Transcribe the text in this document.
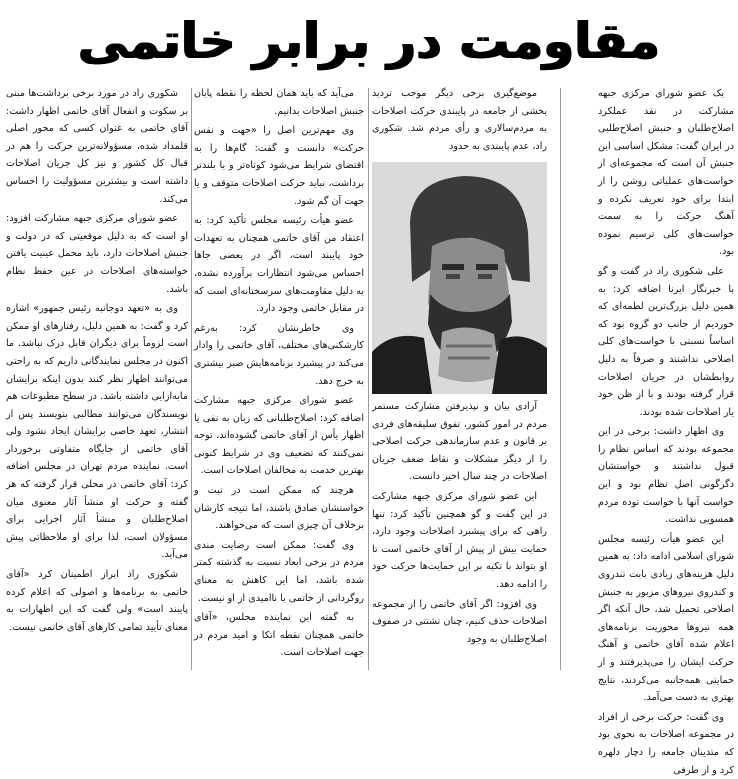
مقاومت در برابر خاتمی

یک عضو شورای مرکزی جبهه مشارکت در نقد عملکرد اصلاح‌طلبان و جنبش اصلاح‌طلبی در ایران گفت: مشکل اساسی این جنبش آن است که مجموعه‌ای از خواست‌های عملیاتی روشن را از ابتدا برای خود تعریف نکرده و آهنگ حرکت را به سمت خواست‌های کلی ترسیم نموده بود.

علی شکوری راد در گفت و گو با خبرنگار ایرنا اضافه کرد: به همین دلیل بزرگ‌ترین لطمه‌ای که خوردیم از جانب دو گروه بود که اساساً نسبتی با خواست‌های کلی اصلاحی نداشتند و صرفاً به دلیل روابطشان در جریان اصلاحات قرار گرفته بودند و با از ظن خود یار اصلاحات شده بودند.

وی اظهار داشت: برخی در این مجموعه بودند که اساس نظام را قبول نداشتند و خواستشان دگرگونی اصل نظام بود و این خواست آنها با خواست توده مردم همسویی نداشت.

این عضو هیأت رئیسه مجلس شورای اسلامی ادامه داد: به همین دلیل هزینه‌های زیادی بابت تندروی و کندروی نیروهای مزبور به جنبش اصلاحی تحمیل شد، حال آنکه اگر همه نیروها محوریت برنامه‌های اعلام شده آقای خاتمی و آهنگ حرکت ایشان را می‌پذیرفتند و از حمایتی همه‌جانبه می‌کردند، نتایج بهتری به دست می‌آمد.

وی گفت: حرکت برخی از افراد در مجموعه اصلاحات به نحوی بود که متدینان جامعه را دچار دلهره کرد و از طرفی

موضع‌گیری برخی دیگر موجب تردید بخشی از جامعه در پایبندی حرکت اصلاحات به مردم‌سالاری و رأی مردم شد. شکوری راد، عدم پایبندی به حدود

آزادی بیان و نپذیرفتن مشارکت مستمر مردم در امور کشور، تفوق سلیقه‌های فردی بر قانون و عدم سازماندهی حرکت اصلاحی را از دیگر مشکلات و نقاط ضعف جریان اصلاحات در چند سال اخیر دانست.

این عضو شورای مرکزی جبهه مشارکت در این گفت و گو همچنین تأکید کرد: تنها راهی که برای پیشبرد اصلاحات وجود دارد، حمایت بیش از پیش از آقای خاتمی است تا او بتواند با تکیه بر این حمایت‌ها حرکت خود را ادامه دهد.

وی افزود: اگر آقای خاتمی را از مجموعه اصلاحات حذف کنیم، چنان تشتتی در صفوف اصلاح‌طلبان به وجود

می‌آید که باید همان لحظه را نقطه پایان جنبش اصلاحات بدانیم.

وی مهم‌ترین اصل را «جهت و نفس حرکت» دانست و گفت: گام‌ها را به اقتضای شرایط می‌شود کوتاه‌تر و یا بلندتر برداشت، نباید حرکت اصلاحات متوقف و یا جهت آن گم شود.

عضو هیأت رئیسه مجلس تأکید کرد: به اعتقاد من آقای خاتمی همچنان به تعهدات خود پایبند است، اگر در بعضی جاها احساس می‌شود انتظارات برآورده نشده، به دلیل مقاومت‌های سرسختانه‌ای است که در مقابل خاتمی وجود دارد.

وی خاطرنشان کرد: به‌رغم کارشکنی‌های مختلف، آقای خاتمی را وادار می‌کند در پیشبرد برنامه‌هایش صبر بیشتری به خرج دهد.

عضو شورای مرکزی جبهه مشارکت اضافه کرد: اصلاح‌طلبانی که زبان به نفی یا اظهار یأس از آقای خاتمی گشوده‌اند، توجه نمی‌کنند که تضعیف وی در شرایط کنونی بهترین خدمت به مخالفان اصلاحات است.

هرچند که ممکن است در نیت و خواستشان صادق باشند، اما نتیجه کارشان برخلاف آن چیزی است که می‌خواهند.

وی گفت: ممکن است رضایت مندی مردم در برخی ابعاد نسبت به گذشته کمتر شده باشد، اما این کاهش به معنای روگردانی از خاتمی یا ناامیدی از او نیست.

به گفته این نماینده مجلس، «آقای خاتمی همچنان نقطه اتکا و امید مردم در جهت اصلاحات است.

شکوری راد در مورد برخی برداشت‌ها مبنی بر سکوت و انفعال آقای خاتمی اظهار داشت: آقای خاتمی به عنوان کسی که محور اصلی قلمداد شده، مسؤولانه‌ترین حرکت را هم در قبال کل کشور و نیز کل جریان اصلاحات داشته است و بیشترین مسؤولیت را احساس می‌کند.

عضو شورای مرکزی جبهه مشارکت افزود: او است که به دلیل موقعیتی که در دولت و جنبش اصلاحات دارد، باید محمل عینیت یافتن خواسته‌های اصلاحات در عین حفظ نظام باشد.

وی به «تعهد دوجانبه رئیس جمهور» اشاره کرد و گفت: به همین دلیل، رفتارهای او ممکن است لزوماً برای دیگران قابل درک نباشد. ما اکنون در مجلس نمایندگانی داریم که به راحتی می‌توانند اظهار نظر کنند بدون اینکه برایشان مابه‌ازایی داشته باشد. در سطح مطبوعات هم نویسندگان می‌توانند مطالبی بنویسند پس از انتشار، تعهد خاصی برایشان ایجاد نشود ولی آقای خاتمی از جایگاه متفاوتی برخوردار است. نماینده مردم تهران در مجلس اضافه کرد: آقای خاتمی در محلی قرار گرفته که هر گفته و حرکت او منشأ آثار معنوی میان اصلاح‌طلبان و منشأ آثار اجرایی برای مسؤولان است، لذا برای او ملاحظاتی پیش می‌آید.

شکوری راد ابراز اطمینان کرد «آقای خاتمی به برنامه‌ها و اصولی که اعلام کرده پایبند است» ولی گفت که این اظهارات به معنای تأیید تمامی کارهای آقای خاتمی نیست.
